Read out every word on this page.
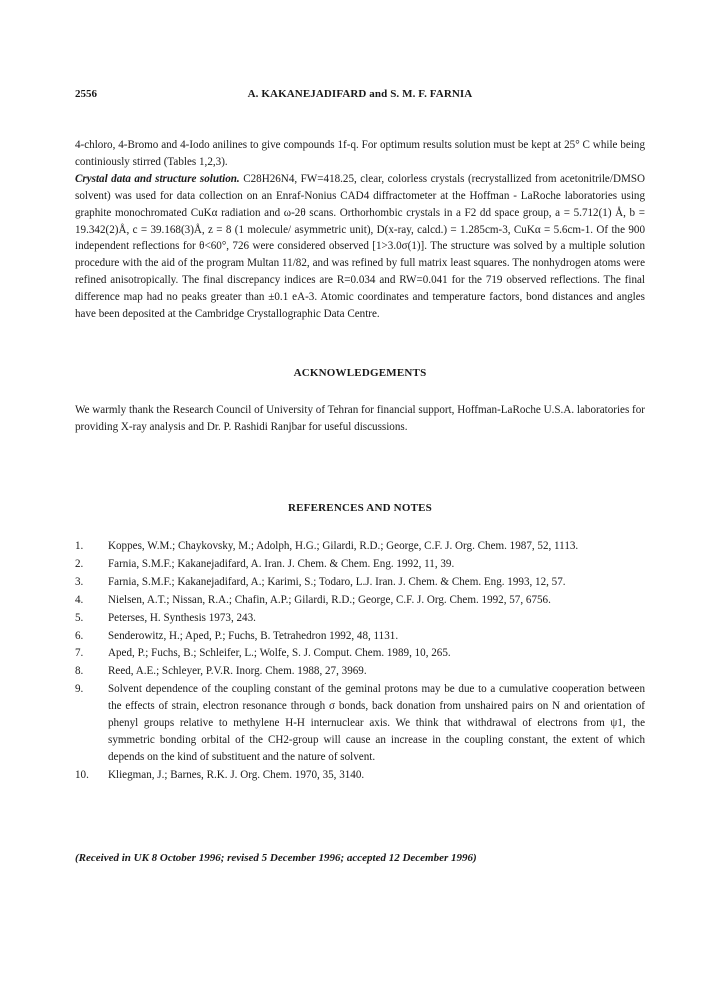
2556	A. KAKANEJADIFARD and S. M. F. FARNIA

4-chloro, 4-Bromo and 4-Iodo anilines to give compounds 1f-q. For optimum results solution must be kept at 25° C while being continiously stirred (Tables 1,2,3).
Crystal data and structure solution. C28H26N4, FW=418.25, clear, colorless crystals (recrystallized from acetonitrile/DMSO solvent) was used for data collection on an Enraf-Nonius CAD4 diffractometer at the Hoffman - LaRoche laboratories using graphite monochromated CuKα radiation and ω-2θ scans. Orthorhombic crystals in a F2 dd space group, a = 5.712(1) Å, b = 19.342(2)Å, c = 39.168(3)Å, z = 8 (1 molecule/ asymmetric unit), D(x-ray, calcd.) = 1.285cm-3, CuKα = 5.6cm-1. Of the 900 independent reflections for θ<60°, 726 were considered observed [1>3.0σ(1)]. The structure was solved by a multiple solution procedure with the aid of the program Multan 11/82, and was refined by full matrix least squares. The nonhydrogen atoms were refined anisotropically. The final discrepancy indices are R=0.034 and RW=0.041 for the 719 observed reflections. The final difference map had no peaks greater than ±0.1 eA-3. Atomic coordinates and temperature factors, bond distances and angles have been deposited at the Cambridge Crystallographic Data Centre.

ACKNOWLEDGEMENTS

We warmly thank the Research Council of University of Tehran for financial support, Hoffman-LaRoche U.S.A. laboratories for providing X-ray analysis and Dr. P. Rashidi Ranjbar for useful discussions.

REFERENCES AND NOTES
1.	Koppes, W.M.; Chaykovsky, M.; Adolph, H.G.; Gilardi, R.D.; George, C.F. J. Org. Chem. 1987, 52, 1113.
2.	Farnia, S.M.F.; Kakanejadifard, A. Iran. J. Chem. & Chem. Eng. 1992, 11, 39.
3.	Farnia, S.M.F.; Kakanejadifard, A.; Karimi, S.; Todaro, L.J. Iran. J. Chem. & Chem. Eng. 1993, 12, 57.
4.	Nielsen, A.T.; Nissan, R.A.; Chafin, A.P.; Gilardi, R.D.; George, C.F. J. Org. Chem. 1992, 57, 6756.
5.	Peterses, H. Synthesis 1973, 243.
6.	Senderowitz, H.; Aped, P.; Fuchs, B. Tetrahedron 1992, 48, 1131.
7.	Aped, P.; Fuchs, B.; Schleifer, L.; Wolfe, S. J. Comput. Chem. 1989, 10, 265.
8.	Reed, A.E.; Schleyer, P.V.R. Inorg. Chem. 1988, 27, 3969.
9.	Solvent dependence of the coupling constant of the geminal protons may be due to a cumulative cooperation between the effects of strain, electron resonance through σ bonds, back donation from unshaired pairs on N and orientation of phenyl groups relative to methylene H-H internuclear axis. We think that withdrawal of electrons from ψ1, the symmetric bonding orbital of the CH2-group will cause an increase in the coupling constant, the extent of which depends on the kind of substituent and the nature of solvent.
10.	Kliegman, J.; Barnes, R.K. J. Org. Chem. 1970, 35, 3140.
(Received in UK 8 October 1996; revised 5 December 1996; accepted 12 December 1996)
